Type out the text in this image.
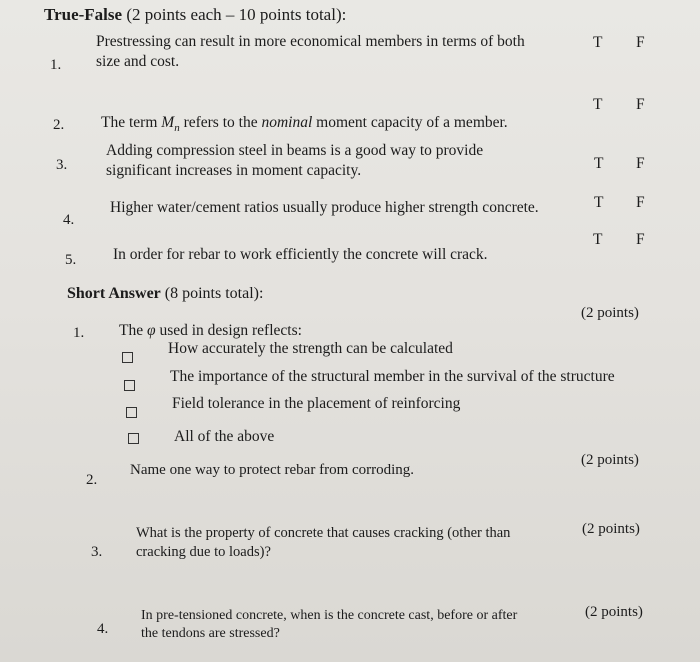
True-False (2 points each – 10 points total):
1.
Prestressing can result in more economical members in terms of both
size and cost.
T F
2. The term $M_n$ refers to the nominal moment capacity of a member.
T F
3.
Adding compression steel in beams is a good way to provide
significant increases in moment capacity.	T F
4.
Higher water/cement ratios usually produce higher strength concrete.	T F
5. In order for rebar to work efficiently the concrete will crack.
T F
Short Answer (8 points total):
1. The φ used in design reflects:
(2 points)
How accurately the strength can be calculated
The importance of the structural member in the survival of the structure
Field tolerance in the placement of reinforcing
All of the above
2.
Name one way to protect rebar from corroding.
(2 points)
3.
What is the property of concrete that causes cracking (other than
cracking due to loads)?
(2 points)
4.
In pre-tensioned concrete, when is the concrete cast, before or after
the tendons are stressed?
(2 points)
